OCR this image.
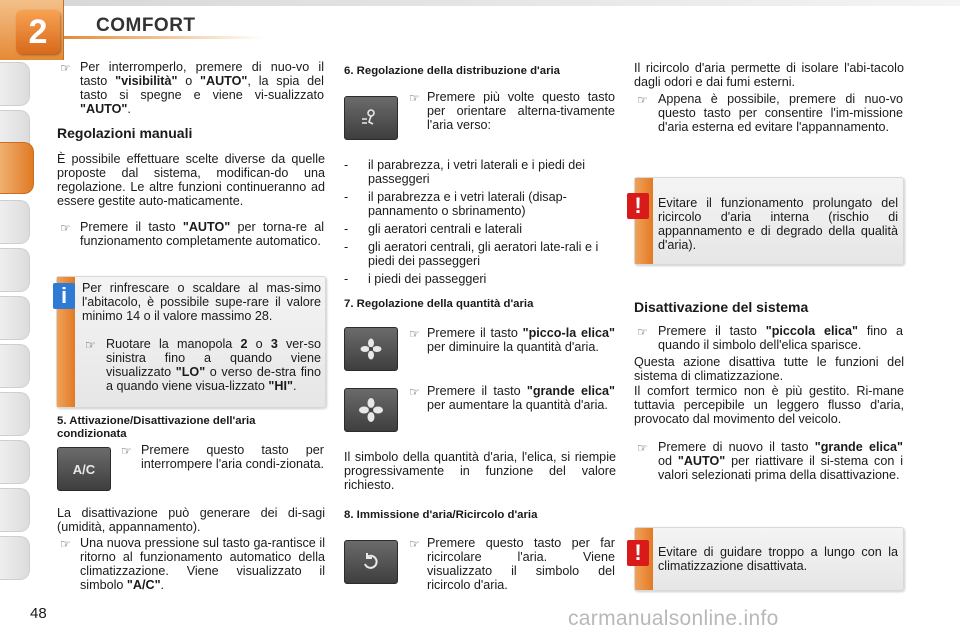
2	COMFORT
☞ Per interromperlo, premere di nuo-vo il tasto "visibilità" o "AUTO", la spia del tasto si spegne e viene vi-sualizzato "AUTO".
Regolazioni manuali
È possibile effettuare scelte diverse da quelle proposte dal sistema, modifican-do una regolazione. Le altre funzioni continueranno ad essere gestite auto-maticamente.
☞ Premere il tasto "AUTO" per torna-re al funzionamento completamente automatico.
i	Per rinfrescare o scaldare al mas-simo l'abitacolo, è possibile supe-rare il valore minimo 14 o il valore massimo 28.
☞ Ruotare la manopola 2 o 3 ver-so sinistra fino a quando viene visualizzato "LO" o verso de-stra fino a quando viene visua-lizzato "HI".
5. Attivazione/Disattivazione dell'aria condizionata
A/C
☞ Premere questo tasto per interrompere l'aria condi-zionata.
La disattivazione può generare dei di-sagi (umidità, appannamento).
☞ Una nuova pressione sul tasto ga-rantisce il ritorno al funzionamento automatico della climatizzazione. Viene visualizzato il simbolo "A/C".
6. Regolazione della distribuzione d'aria
☞ Premere più volte questo tasto per orientare alterna-tivamente l'aria verso:
- il parabrezza, i vetri laterali e i piedi dei passeggeri
- il parabrezza e i vetri laterali (disap-pannamento o sbrinamento)
- gli aeratori centrali e laterali
- gli aeratori centrali, gli aeratori late-rali e i piedi dei passeggeri
- i piedi dei passeggeri
7. Regolazione della quantità d'aria
☞ Premere il tasto "picco-la elica" per diminuire la quantità d'aria.
☞ Premere il tasto "grande elica" per aumentare la quantità d'aria.
Il simbolo della quantità d'aria, l'elica, si riempie progressivamente in funzione del valore richiesto.
8. Immissione d'aria/Ricircolo d'aria
☞ Premere questo tasto per far ricircolare l'aria. Viene visualizzato il simbolo del ricircolo d'aria.
Il ricircolo d'aria permette di isolare l'abi-tacolo dagli odori e dai fumi esterni.
☞ Appena è possibile, premere di nuo-vo questo tasto per consentire l'im-missione d'aria esterna ed evitare l'appannamento.
!	Evitare il funzionamento prolungato del ricircolo d'aria interna (rischio di appannamento e di degrado della qualità d'aria).
Disattivazione del sistema
☞ Premere il tasto "piccola elica" fino a quando il simbolo dell'elica sparisce.
Questa azione disattiva tutte le funzioni del sistema di climatizzazione.
Il comfort termico non è più gestito. Ri-mane tuttavia percepibile un leggero flusso d'aria, provocato dal movimento del veicolo.
☞ Premere di nuovo il tasto "grande elica" od "AUTO" per riattivare il si-stema con i valori selezionati prima della disattivazione.
!	Evitare di guidare troppo a lungo con la climatizzazione disattivata.
48	carmanualsonline.info
